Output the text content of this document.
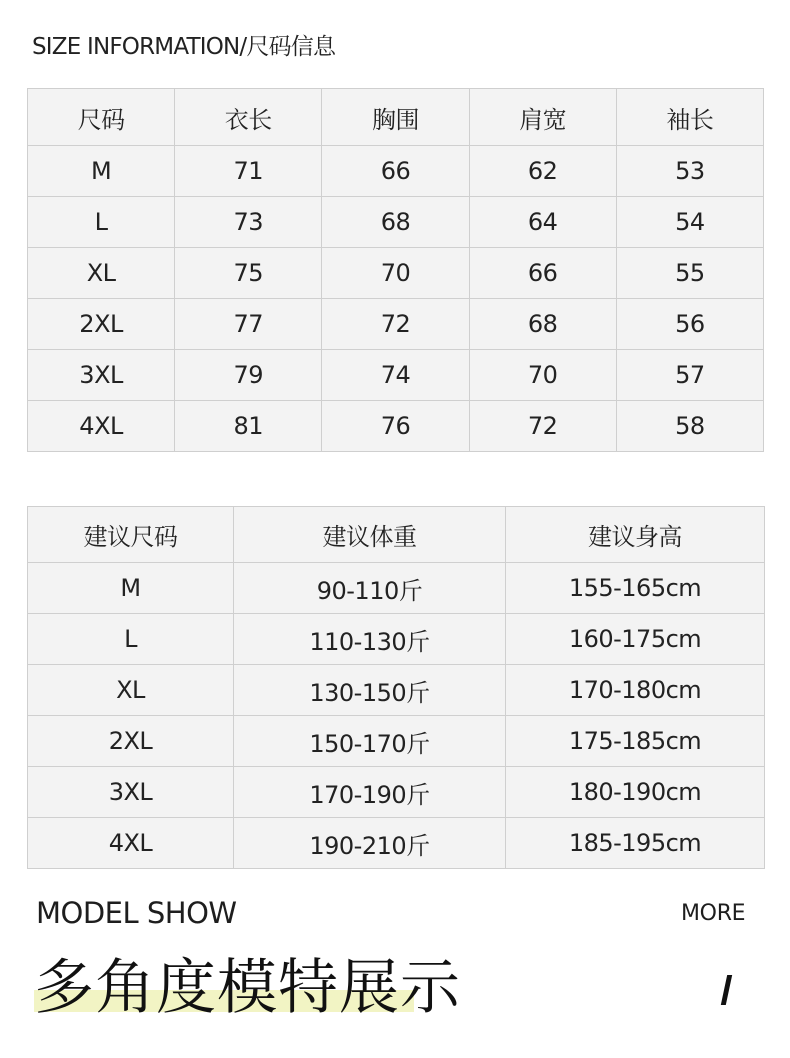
SIZE INFORMATION/尺码信息
尺码	衣长	胸围	肩宽	袖长
M	71	66	62	53
L	73	68	64	54
XL	75	70	66	55
2XL	77	72	68	56
3XL	79	74	70	57
4XL	81	76	72	58
建议尺码	建议体重	建议身高
M	90-110斤	155-165cm
L	110-130斤	160-175cm
XL	130-150斤	170-180cm
2XL	150-170斤	175-185cm
3XL	170-190斤	180-190cm
4XL	190-210斤	185-195cm
MODEL SHOW	MORE
多角度模特展示
